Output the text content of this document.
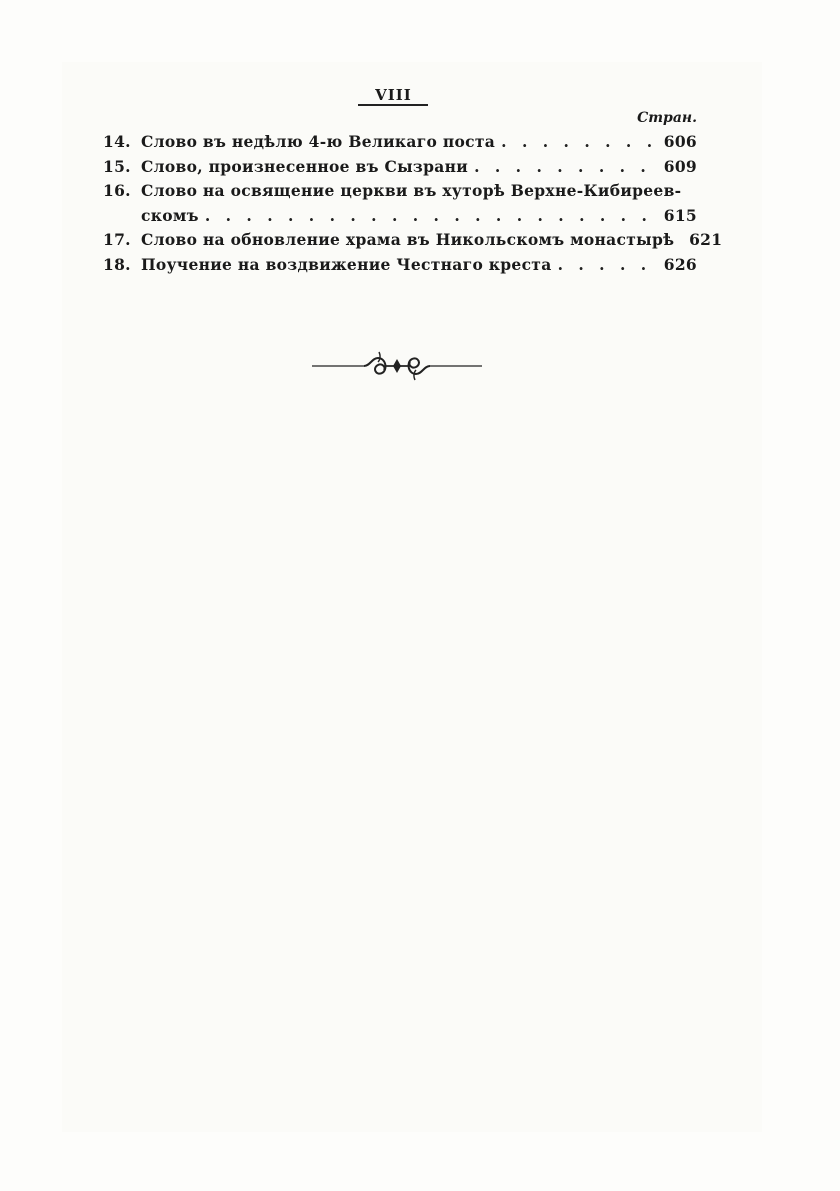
VIII
Стран.
14. Слово въ недѣлю 4-ю Великаго поста . . .	606
15. Слово, произнесенное въ Сызрани . . .	609
16. Слово на освящение церкви въ хуторѣ Верхне-Кибиреев-
скомъ . . .	615
17. Слово на обновление храма въ Никольскомъ монастырѣ 621
18. Поучение на воздвижение Честнаго креста . . .	626
